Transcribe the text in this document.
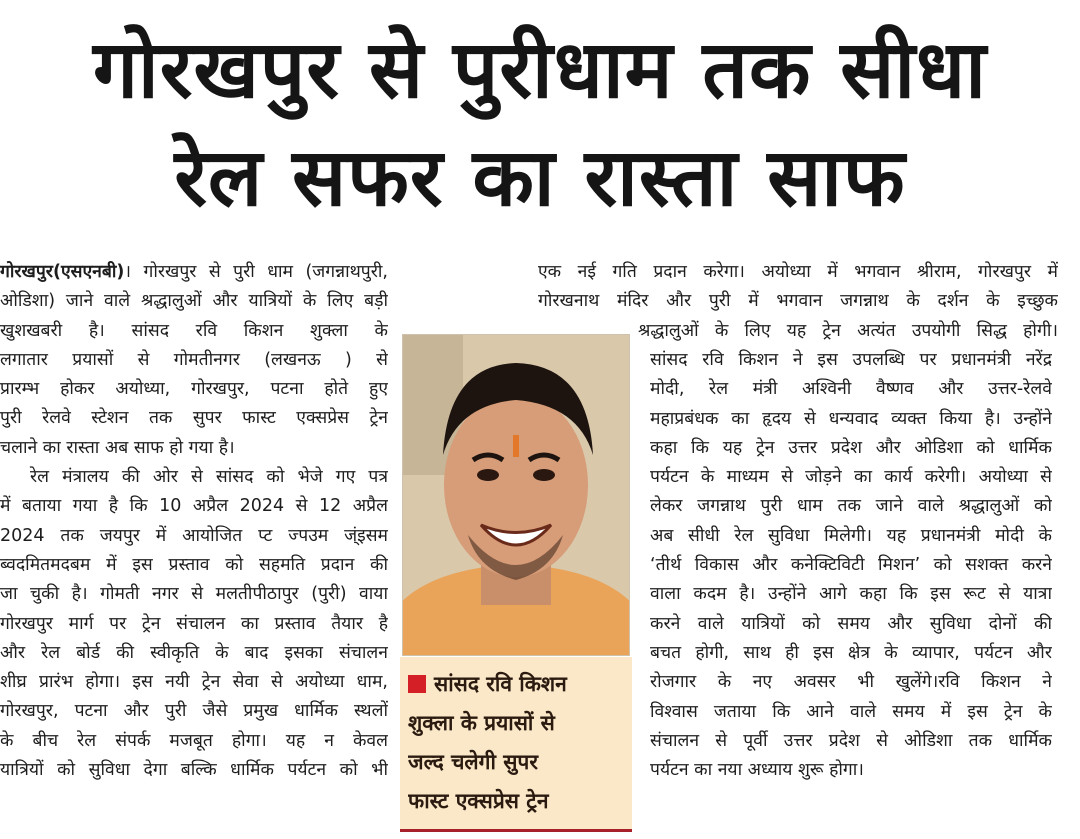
गोरखपुर से पुरीधाम तक सीधा
रेल सफर का रास्ता साफ
गोरखपुर(एसएनबी)। गोरखपुर से पुरी धाम (जगन्नाथपुरी,
ओडिशा) जाने वाले श्रद्धालुओं और यात्रियों के लिए बड़ी
खुशखबरी है। सांसद रवि किशन शुक्ला के
लगातार प्रयासों से गोमतीनगर (लखनऊ ) से
प्रारम्भ होकर अयोध्या, गोरखपुर, पटना होते हुए
पुरी रेलवे स्टेशन तक सुपर फास्ट एक्सप्रेस ट्रेन
चलाने का रास्ता अब साफ हो गया है।
रेल मंत्रालय की ओर से सांसद को भेजे गए पत्र
में बताया गया है कि 10 अप्रैल 2024 से 12 अप्रैल
2024 तक जयपुर में आयोजित प्ट ज्पउम ज्ंइसम
ब्वदमितमदबम में इस प्रस्ताव को सहमति प्रदान की
जा चुकी है। गोमती नगर से मलतीपीठापुर (पुरी) वाया
गोरखपुर मार्ग पर ट्रेन संचालन का प्रस्ताव तैयार है
और रेल बोर्ड की स्वीकृति के बाद इसका संचालन
शीघ्र प्रारंभ होगा। इस नयी ट्रेन सेवा से अयोध्या धाम,
गोरखपुर, पटना और पुरी जैसे प्रमुख धार्मिक स्थलों
के बीच रेल संपर्क मजबूत होगा। यह न केवल
यात्रियों को सुविधा देगा बल्कि धार्मिक पर्यटन को भी
सांसद रवि किशन
शुक्ला के प्रयासों से
जल्द चलेगी सुपर
फास्ट एक्सप्रेस ट्रेन
एक नई गति प्रदान करेगा। अयोध्या में भगवान श्रीराम, गोरखपुर में
गोरखनाथ मंदिर और पुरी में भगवान जगन्नाथ के दर्शन के इच्छुक
श्रद्धालुओं के लिए यह ट्रेन अत्यंत उपयोगी सिद्ध होगी।
सांसद रवि किशन ने इस उपलब्धि पर प्रधानमंत्री नरेंद्र
मोदी, रेल मंत्री अश्विनी वैष्णव और उत्तर-रेलवे
महाप्रबंधक का हृदय से धन्यवाद व्यक्त किया है। उन्होंने
कहा कि यह ट्रेन उत्तर प्रदेश और ओडिशा को धार्मिक
पर्यटन के माध्यम से जोड़ने का कार्य करेगी। अयोध्या से
लेकर जगन्नाथ पुरी धाम तक जाने वाले श्रद्धालुओं को
अब सीधी रेल सुविधा मिलेगी। यह प्रधानमंत्री मोदी के
‘तीर्थ विकास और कनेक्टिविटी मिशन’ को सशक्त करने
वाला कदम है। उन्होंने आगे कहा कि इस रूट से यात्रा
करने वाले यात्रियों को समय और सुविधा दोनों की
बचत होगी, साथ ही इस क्षेत्र के व्यापार, पर्यटन और
रोजगार के नए अवसर भी खुलेंगे।रवि किशन ने
विश्वास जताया कि आने वाले समय में इस ट्रेन के
संचालन से पूर्वी उत्तर प्रदेश से ओडिशा तक धार्मिक
पर्यटन का नया अध्याय शुरू होगा।
